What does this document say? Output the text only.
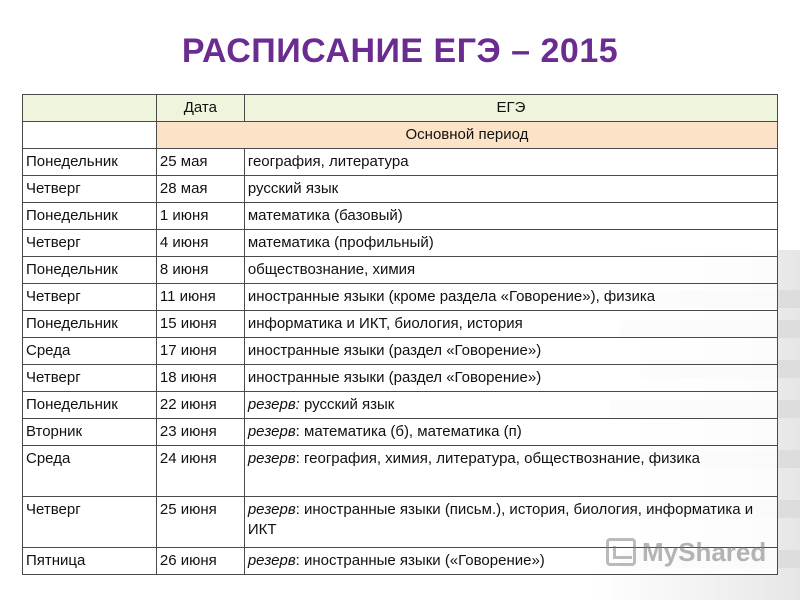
РАСПИСАНИЕ ЕГЭ – 2015
	Дата	ЕГЭ
	Основной период	
Понедельник	25 мая	география, литература
Четверг	28 мая	русский язык
Понедельник	1 июня	математика (базовый)
Четверг	4 июня	математика (профильный)
Понедельник	8 июня	обществознание, химия
Четверг	11 июня	иностранные языки (кроме раздела «Говорение»), физика
Понедельник	15 июня	информатика и ИКТ, биология, история
Среда	17 июня	иностранные языки (раздел «Говорение»)
Четверг	18 июня	иностранные языки (раздел «Говорение»)
Понедельник	22 июня	резерв: русский язык
Вторник	23 июня	резерв: математика (б), математика (п)
Среда	24 июня	резерв: география, химия, литература, обществознание, физика
Четверг	25 июня	резерв: иностранные языки (письм.), история, биология, информатика и ИКТ
Пятница	26 июня	резерв: иностранные языки («Говорение»)	MyShared
